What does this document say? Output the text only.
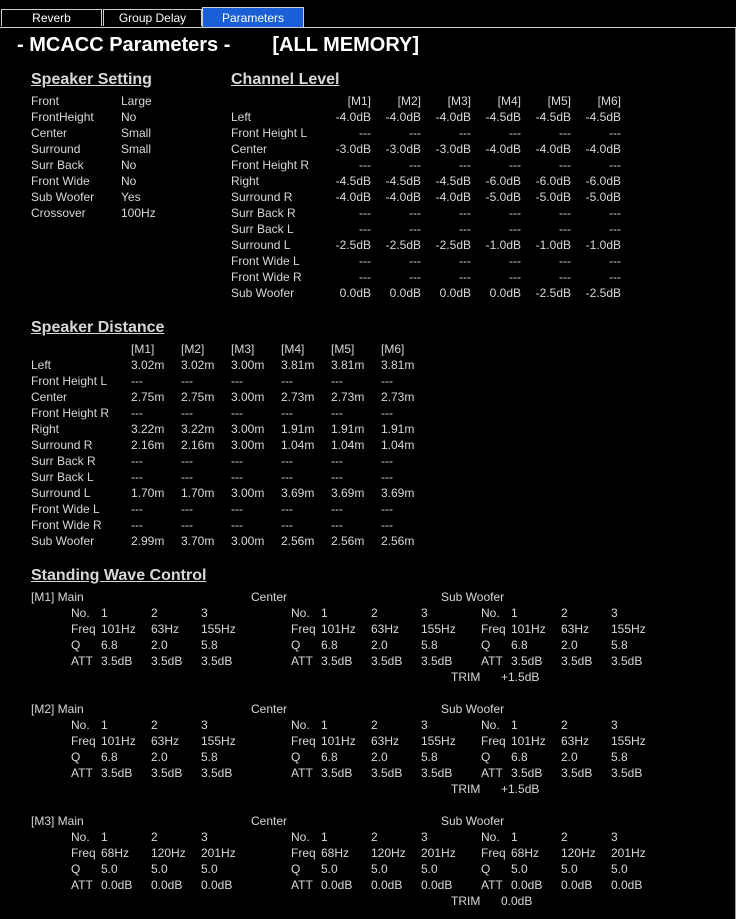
Reverb	Group Delay	Parameters
- MCACC Parameters - [ALL MEMORY]
Speaker Setting	Channel Level
Speaker Distance
Standing Wave Control
Front	Large
FrontHeight No
Center	Small
Surround	Small
Surr Back	No
Front Wide	No
Sub Woofer Yes
Crossover	100Hz
[M1] [M2] [M3] [M4] [M5] [M6]
Left	-4.0dB -4.0dB -4.0dB -4.5dB -4.5dB -4.5dB
Front Height L	---	---	---	---	---	---
Center	-3.0dB -3.0dB -3.0dB -4.0dB -4.0dB -4.0dB
Front Height R	---	---	---	---	---	---
Right	-4.5dB -4.5dB -4.5dB -6.0dB -6.0dB -6.0dB
Surround R	-4.0dB -4.0dB -4.0dB -5.0dB -5.0dB -5.0dB
Surr Back R	---	---	---	---	---	---
Surr Back L	---	---	---	---	---	---
Surround L	-2.5dB -2.5dB -2.5dB -1.0dB -1.0dB -1.0dB
Front Wide L	---	---	---	---	---	---
Front Wide R	---	---	---	---	---	---
Sub Woofer	0.0dB 0.0dB 0.0dB 0.0dB -2.5dB -2.5dB
[M1] [M2] [M3] [M4] [M5] [M6]
Left	3.02m 3.02m 3.00m 3.81m 3.81m 3.81m
Front Height L ---	---	---	---	---	---
Center	2.75m 2.75m 3.00m 2.73m 2.73m 2.73m
Front Height R ---	---	---	---	---	---
Right	3.22m 3.22m 3.00m 1.91m 1.91m 1.91m
Surround R	2.16m 2.16m 3.00m 1.04m 1.04m 1.04m
Surr Back R	---	---	---	---	---	---
Surr Back L	---	---	---	---	---	---
Surround L	1.70m 1.70m 3.00m 3.69m 3.69m 3.69m
Front Wide L	---	---	---	---	---	---
Front Wide R ---	---	---	---	---	---
Sub Woofer	2.99m 3.70m 3.00m 2.56m 2.56m 2.56m
[M1] Main
No. 1	2	3
Freq 101Hz 63Hz 155Hz
Q 6.8	2.0	5.8
ATT 3.5dB 3.5dB 3.5dB
Center
No. 1	2	3
Freq 101Hz 63Hz 155Hz
Q 6.8	2.0	5.8
ATT 3.5dB 3.5dB 3.5dB
Sub Woofer
No. 1	2	3
Freq 101Hz 63Hz 155Hz
Q 6.8	2.0	5.8
ATT 3.5dB 3.5dB 3.5dB
TRIM +1.5dB
[M2] Main
No. 1	2	3
Freq 101Hz 63Hz 155Hz
Q 6.8	2.0	5.8
ATT 3.5dB 3.5dB 3.5dB
Center
No. 1	2	3
Freq 101Hz 63Hz 155Hz
Q 6.8	2.0	5.8
ATT 3.5dB 3.5dB 3.5dB
Sub Woofer
No. 1	2	3
Freq 101Hz 63Hz 155Hz
Q 6.8	2.0	5.8
ATT 3.5dB 3.5dB 3.5dB
TRIM +1.5dB
[M3] Main
No. 1	2	3
Freq 68Hz 120Hz 201Hz
Q 5.0	5.0	5.0
ATT 0.0dB 0.0dB 0.0dB
Center
No. 1	2	3
Freq 68Hz 120Hz 201Hz
Q 5.0	5.0	5.0
ATT 0.0dB 0.0dB 0.0dB
Sub Woofer
No. 1	2	3
Freq 68Hz 120Hz 201Hz
Q 5.0	5.0	5.0
ATT 0.0dB 0.0dB 0.0dB
TRIM 0.0dB
